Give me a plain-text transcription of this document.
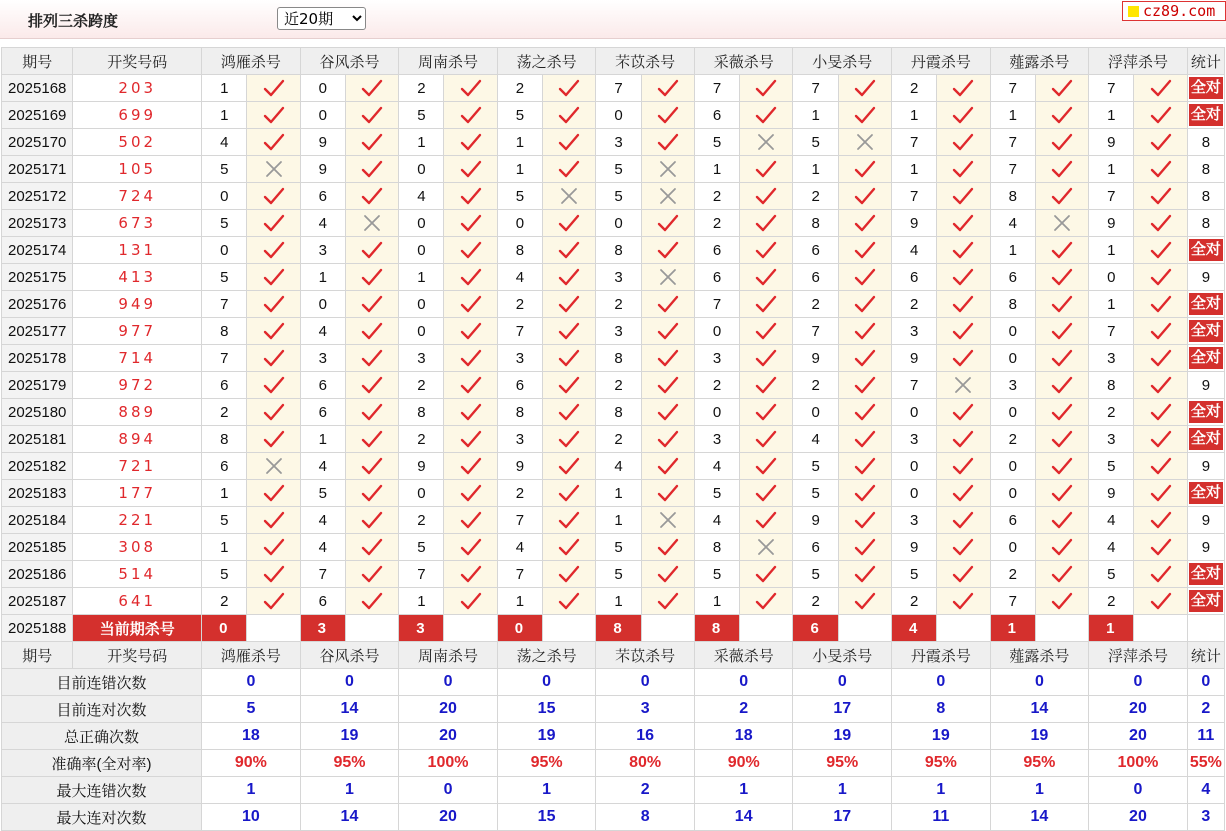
排列三杀跨度
近20期
cz89.com
期号	开奖号码	鸿雁杀号		谷风杀号		周南杀号		荡之杀号		芣苡杀号		采薇杀号		小旻杀号		丹霞杀号		薤露杀号		浮萍杀号		统计
2025168	203	1		0		2		2		7		7		7		2		7		7		全对
2025169	699	1		0		5		5		0		6		1		1		1		1		全对
2025170	502	4		9		1		1		3		5		5		7		7		9		8
2025171	105	5		9		0		1		5		1		1		1		7		1		8
2025172	724	0		6		4		5		5		2		2		7		8		7		8
2025173	673	5		4		0		0		0		2		8		9		4		9		8
2025174	131	0		3		0		8		8		6		6		4		1		1		全对
2025175	413	5		1		1		4		3		6		6		6		6		0		9
2025176	949	7		0		0		2		2		7		2		2		8		1		全对
2025177	977	8		4		0		7		3		0		7		3		0		7		全对
2025178	714	7		3		3		3		8		3		9		9		0		3		全对
2025179	972	6		6		2		6		2		2		2		7		3		8		9
2025180	889	2		6		8		8		8		0		0		0		0		2		全对
2025181	894	8		1		2		3		2		3		4		3		2		3		全对
2025182	721	6		4		9		9		4		4		5		0		0		5		9
2025183	177	1		5		0		2		1		5		5		0		0		9		全对
2025184	221	5		4		2		7		1		4		9		3		6		4		9
2025185	308	1		4		5		4		5		8		6		9		0		4		9
2025186	514	5		7		7		7		5		5		5		5		2		5		全对
2025187	641	2		6		1		1		1		1		2		2		7		2		全对
2025188	当前期杀号	0		3		3		0		8		8		6		4		1		1		
期号	开奖号码	鸿雁杀号		谷风杀号		周南杀号		荡之杀号		芣苡杀号		采薇杀号		小旻杀号		丹霞杀号		薤露杀号		浮萍杀号		统计
目前连错次数		0		0		0		0		0		0		0		0		0		0		0
目前连对次数		5		14		20		15		3		2		17		8		14		20		2
总正确次数		18		19		20		19		16		18		19		19		19		20		11
准确率(全对率)		90%		95%		100%		95%		80%		90%		95%		95%		95%		100%		55%
最大连错次数		1		1		0		1		2		1		1		1		1		0		4
最大连对次数		10		14		20		15		8		14		17		11		14		20		3
